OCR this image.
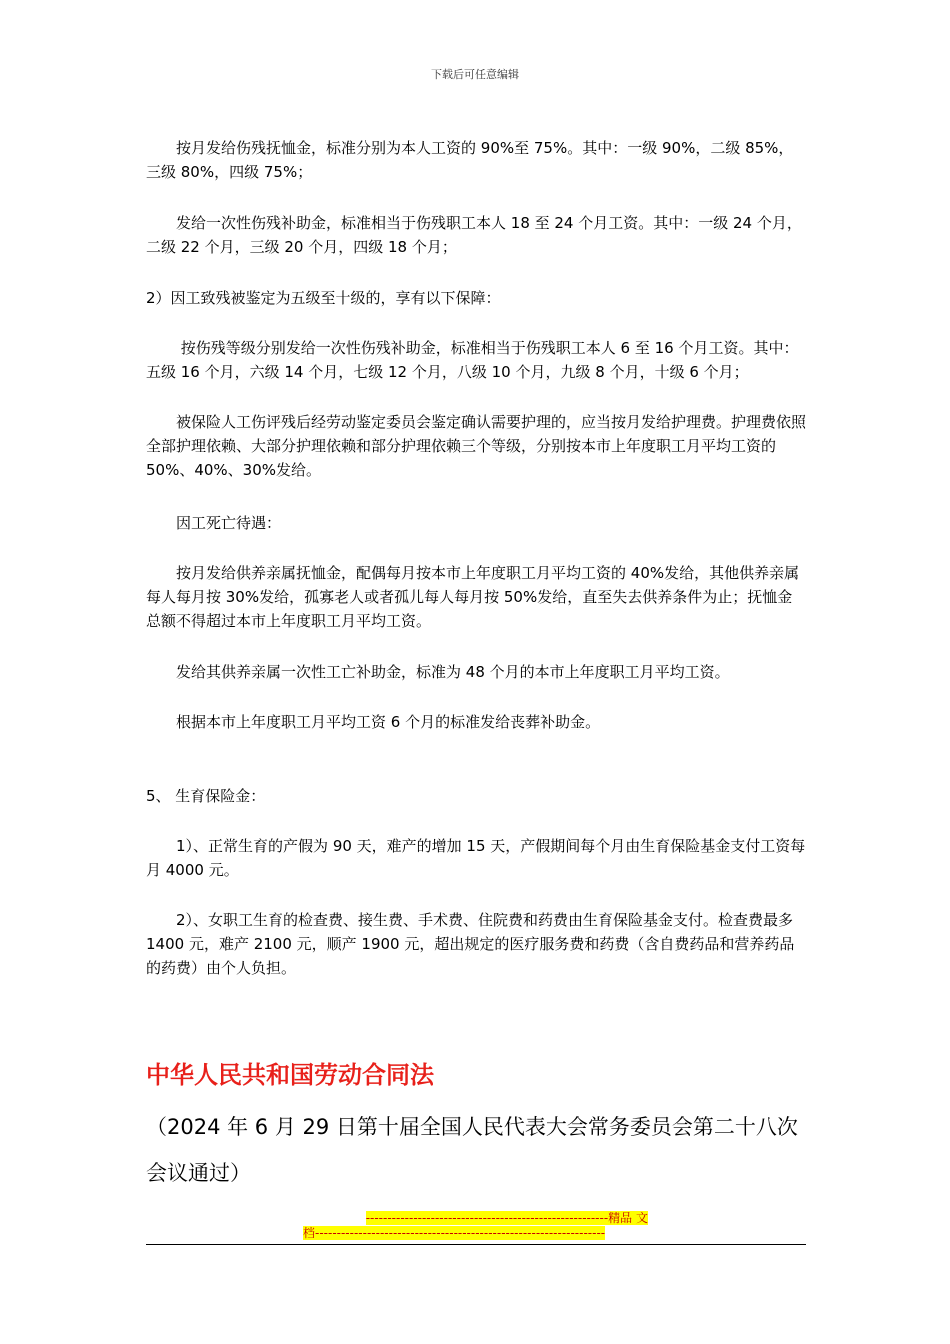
下载后可任意编辑

　　按月发给伤残抚恤金，标准分别为本人工资的 90%至 75%。其中：一级 90%，二级 85%，三级 80%，四级 75%；

　　发给一次性伤残补助金，标准相当于伤残职工本人 18 至 24 个月工资。其中：一级 24 个月，二级 22 个月，三级 20 个月，四级 18 个月；

2）因工致残被鉴定为五级至十级的，享有以下保障：

　　 按伤残等级分别发给一次性伤残补助金，标准相当于伤残职工本人 6 至 16 个月工资。其中：五级 16 个月，六级 14 个月，七级 12 个月，八级 10 个月，九级 8 个月，十级 6 个月；

　　被保险人工伤评残后经劳动鉴定委员会鉴定确认需要护理的，应当按月发给护理费。护理费依照全部护理依赖、大部分护理依赖和部分护理依赖三个等级，分别按本市上年度职工月平均工资的 50%、40%、30%发给。

　　因工死亡待遇：

　　按月发给供养亲属抚恤金，配偶每月按本市上年度职工月平均工资的 40%发给，其他供养亲属每人每月按 30%发给，孤寡老人或者孤儿每人每月按 50%发给，直至失去供养条件为止；抚恤金总额不得超过本市上年度职工月平均工资。

　　发给其供养亲属一次性工亡补助金，标准为 48 个月的本市上年度职工月平均工资。

　　根据本市上年度职工月平均工资 6 个月的标准发给丧葬补助金。

5、 生育保险金：

　　1）、正常生育的产假为 90 天，难产的增加 15 天，产假期间每个月由生育保险基金支付工资每月 4000 元。

　　2）、女职工生育的检查费、接生费、手术费、住院费和药费由生育保险基金支付。检查费最多 1400 元，难产 2100 元，顺产 1900 元，超出规定的医疗服务费和药费（含自费药品和营养药品的药费）由个人负担。

中华人民共和国劳动合同法

（2024 年 6 月 29 日第十届全国人民代表大会常务委员会第二十八次会议通过）

--------------------------------------------------------精品 文
档-------------------------------------------------------------------
